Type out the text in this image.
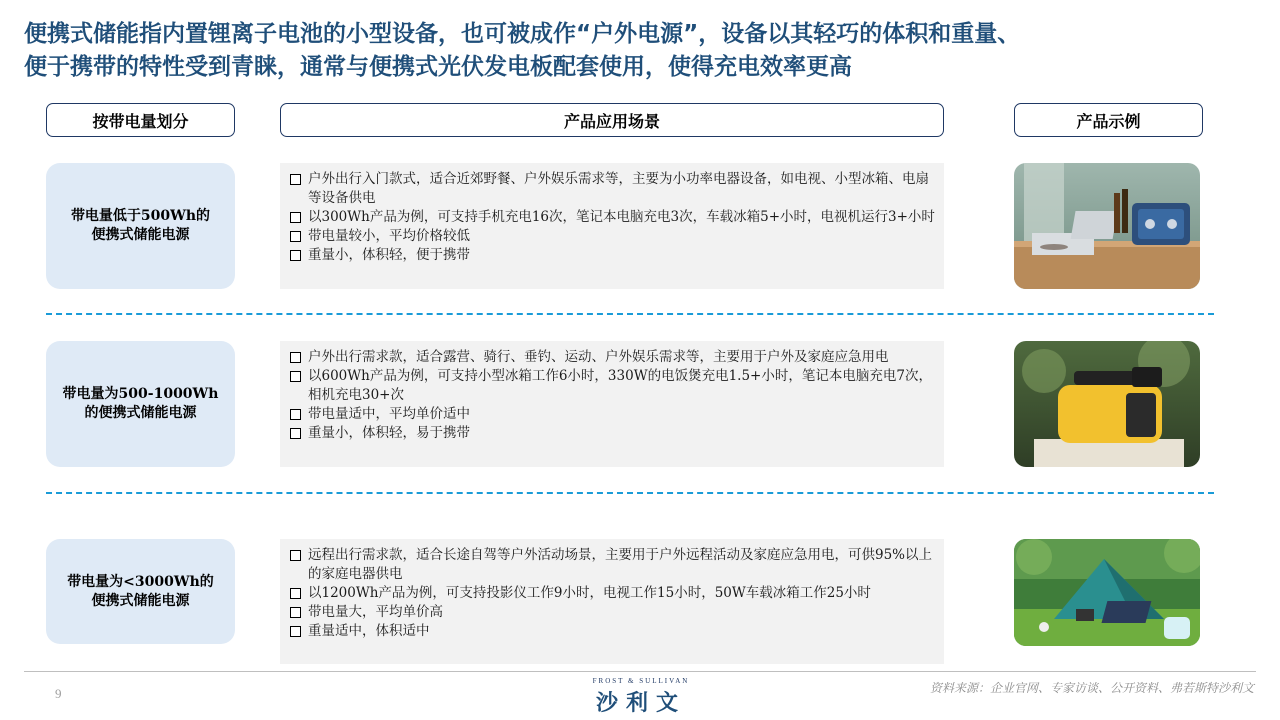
便携式储能指内置锂离子电池的小型设备，也可被成作“户外电源”，设备以其轻巧的体积和重量、
便于携带的特性受到青睐，通常与便携式光伏发电板配套使用，使得充电效率更高
按带电量划分	产品应用场景	产品示例
带电量低于500Wh的
便携式储能电源
户外出行入门款式，适合近郊野餐、户外娱乐需求等，主要为小功率电器设备，如电视、小型冰箱、电扇等设备供电
以300Wh产品为例，可支持手机充电16次，笔记本电脑充电3次，车载冰箱5+小时，电视机运行3+小时
带电量较小，平均价格较低
重量小，体积轻，便于携带
带电量为500-1000Wh
的便携式储能电源
户外出行需求款，适合露营、骑行、垂钓、运动、户外娱乐需求等，主要用于户外及家庭应急用电
以600Wh产品为例，可支持小型冰箱工作6小时，330W的电饭煲充电1.5+小时，笔记本电脑充电7次，相机充电30+次
带电量适中，平均单价适中
重量小，体积轻，易于携带
带电量为<3000Wh的
便携式储能电源
远程出行需求款，适合长途自驾等户外活动场景，主要用于户外远程活动及家庭应急用电，可供95%以上的家庭电器供电
以1200Wh产品为例，可支持投影仪工作9小时，电视工作15小时，50W车载冰箱工作25小时
带电量大，平均单价高
重量适中，体积适中
9
FROST & SULLIVAN
沙利文
资料来源：企业官网、专家访谈、公开资料、弗若斯特沙利文
